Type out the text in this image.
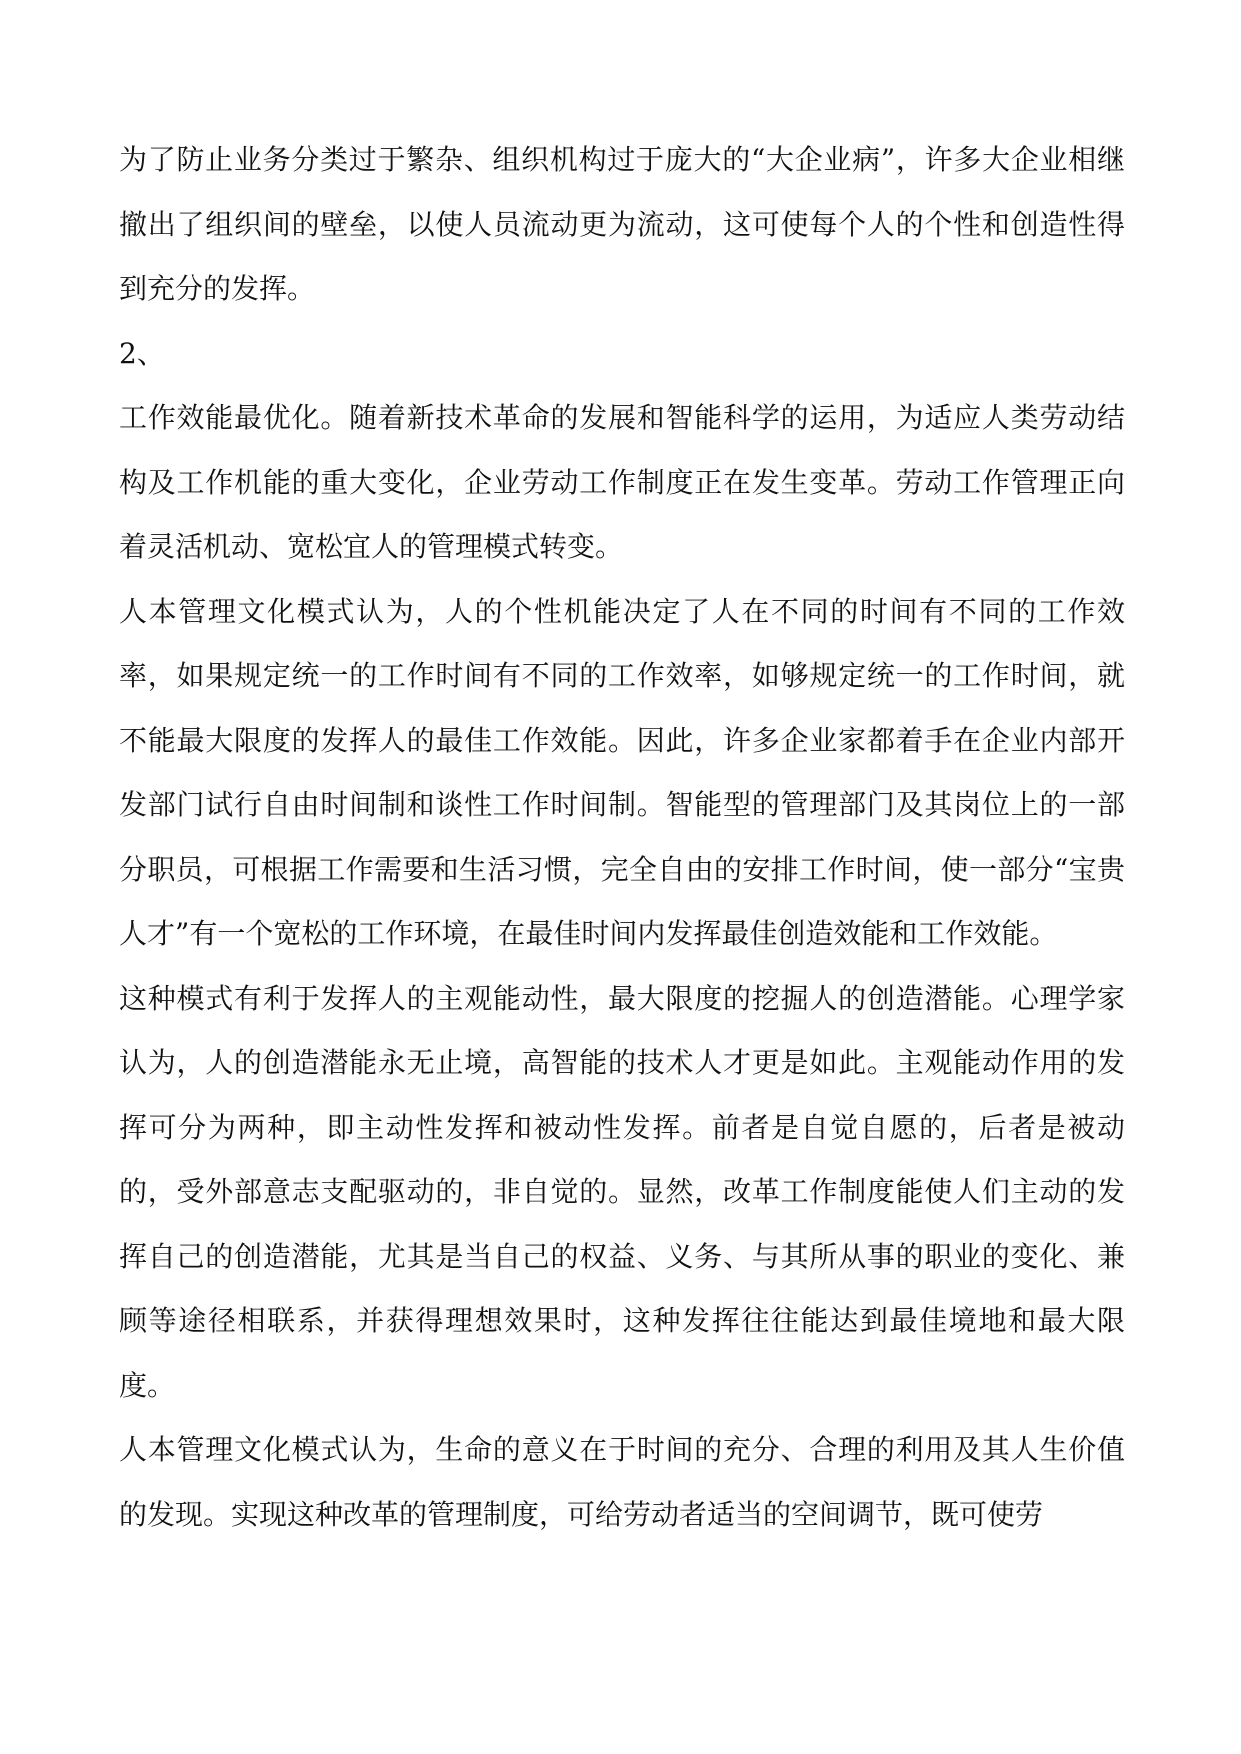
为了防止业务分类过于繁杂、组织机构过于庞大的“大企业病”，许多大企业相继撤出了组织间的壁垒，以使人员流动更为流动，这可使每个人的个性和创造性得到充分的发挥。

2、

工作效能最优化。随着新技术革命的发展和智能科学的运用，为适应人类劳动结构及工作机能的重大变化，企业劳动工作制度正在发生变革。劳动工作管理正向着灵活机动、宽松宜人的管理模式转变。

人本管理文化模式认为，人的个性机能决定了人在不同的时间有不同的工作效率，如果规定统一的工作时间有不同的工作效率，如够规定统一的工作时间，就不能最大限度的发挥人的最佳工作效能。因此，许多企业家都着手在企业内部开发部门试行自由时间制和谈性工作时间制。智能型的管理部门及其岗位上的一部分职员，可根据工作需要和生活习惯，完全自由的安排工作时间，使一部分“宝贵人才”有一个宽松的工作环境，在最佳时间内发挥最佳创造效能和工作效能。

这种模式有利于发挥人的主观能动性，最大限度的挖掘人的创造潜能。心理学家认为，人的创造潜能永无止境，高智能的技术人才更是如此。主观能动作用的发挥可分为两种，即主动性发挥和被动性发挥。前者是自觉自愿的，后者是被动的，受外部意志支配驱动的，非自觉的。显然，改革工作制度能使人们主动的发挥自己的创造潜能，尤其是当自己的权益、义务、与其所从事的职业的变化、兼顾等途径相联系，并获得理想效果时，这种发挥往往能达到最佳境地和最大限度。

人本管理文化模式认为，生命的意义在于时间的充分、合理的利用及其人生价值的发现。实现这种改革的管理制度，可给劳动者适当的空间调节，既可使劳
